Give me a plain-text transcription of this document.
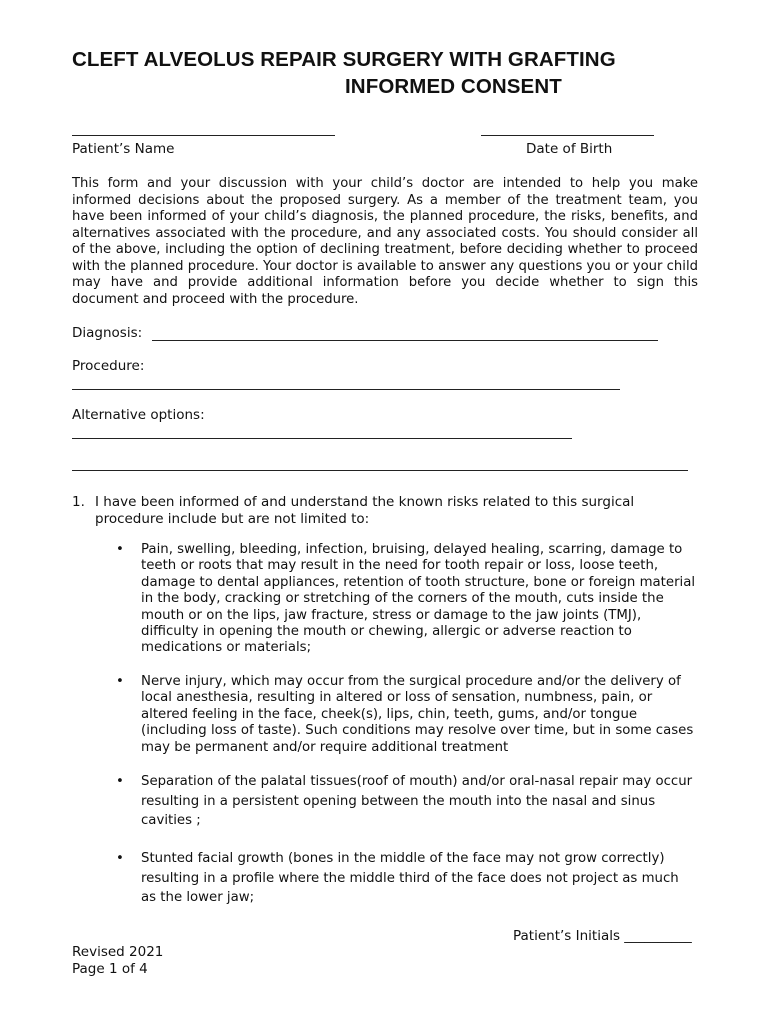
CLEFT ALVEOLUS REPAIR SURGERY WITH GRAFTING
INFORMED CONSENT
Patient’s Name	Date of Birth
This form and your discussion with your child’s doctor are intended to help you make informed decisions about the proposed surgery. As a member of the treatment team, you have been informed of your child’s diagnosis, the planned procedure, the risks, benefits, and alternatives associated with the procedure, and any associated costs. You should consider all of the above, including the option of declining treatment, before deciding whether to proceed with the planned procedure. Your doctor is available to answer any questions you or your child may have and provide additional information before you decide whether to sign this document and proceed with the procedure.
Diagnosis:
Procedure:
Alternative options:
1. I have been informed of and understand the known risks related to this surgical procedure include but are not limited to:
• Pain, swelling, bleeding, infection, bruising, delayed healing, scarring, damage to teeth or roots that may result in the need for tooth repair or loss, loose teeth, damage to dental appliances, retention of tooth structure, bone or foreign material in the body, cracking or stretching of the corners of the mouth, cuts inside the mouth or on the lips, jaw fracture, stress or damage to the jaw joints (TMJ), difficulty in opening the mouth or chewing, allergic or adverse reaction to medications or materials;
• Nerve injury, which may occur from the surgical procedure and/or the delivery of local anesthesia, resulting in altered or loss of sensation, numbness, pain, or altered feeling in the face, cheek(s), lips, chin, teeth, gums, and/or tongue (including loss of taste). Such conditions may resolve over time, but in some cases may be permanent and/or require additional treatment
• Separation of the palatal tissues(roof of mouth) and/or oral-nasal repair may occur resulting in a persistent opening between the mouth into the nasal and sinus cavities ;
• Stunted facial growth (bones in the middle of the face may not grow correctly) resulting in a profile where the middle third of the face does not project as much as the lower jaw;
Patient’s Initials __________
Revised 2021
Page 1 of 4
